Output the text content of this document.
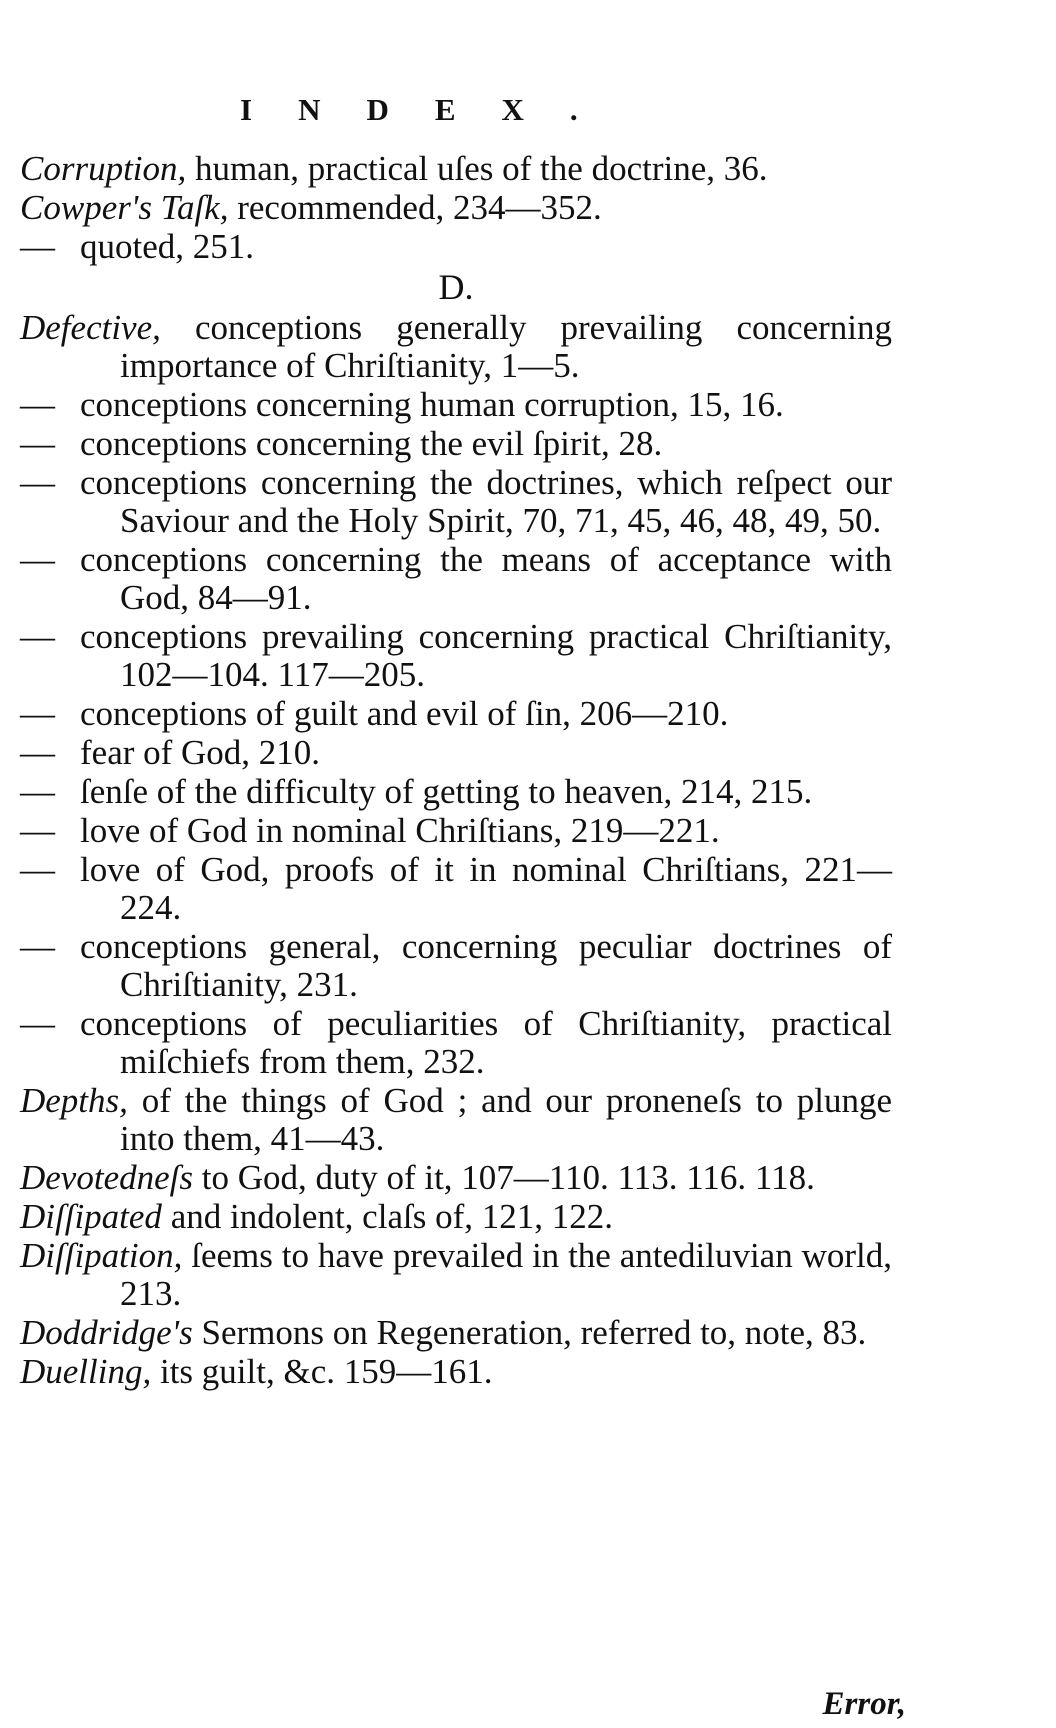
INDEX.
Corruption, human, practical uſes of the doctrine, 36.
Cowper's Taſk, recommended, 234—352.
— quoted, 251.
D.
Defective, conceptions generally prevailing concerning importance of Chriſtianity, 1—5.
— conceptions concerning human corruption, 15, 16.
— conceptions concerning the evil ſpirit, 28.
— conceptions concerning the doctrines, which reſpect our Saviour and the Holy Spirit, 70, 71, 45, 46, 48, 49, 50.
— conceptions concerning the means of acceptance with God, 84—91.
— conceptions prevailing concerning practical Chriſtianity, 102—104. 117—205.
— conceptions of guilt and evil of ſin, 206—210.
— fear of God, 210.
— ſenſe of the difficulty of getting to heaven, 214, 215.
— love of God in nominal Chriſtians, 219—221.
— love of God, proofs of it in nominal Chriſtians, 221—224.
— conceptions general, concerning peculiar doctrines of Chriſtianity, 231.
— conceptions of peculiarities of Chriſtianity, practical miſchiefs from them, 232.
Depths, of the things of God ; and our proneneſs to plunge into them, 41—43.
Devotedneſs to God, duty of it, 107—110. 113. 116. 118.
Diſſipated and indolent, claſs of, 121, 122.
Diſſipation, ſeems to have prevailed in the antediluvian world, 213.
Doddridge's Sermons on Regeneration, referred to, note, 83.
Duelling, its guilt, &c. 159—161.
Error,
